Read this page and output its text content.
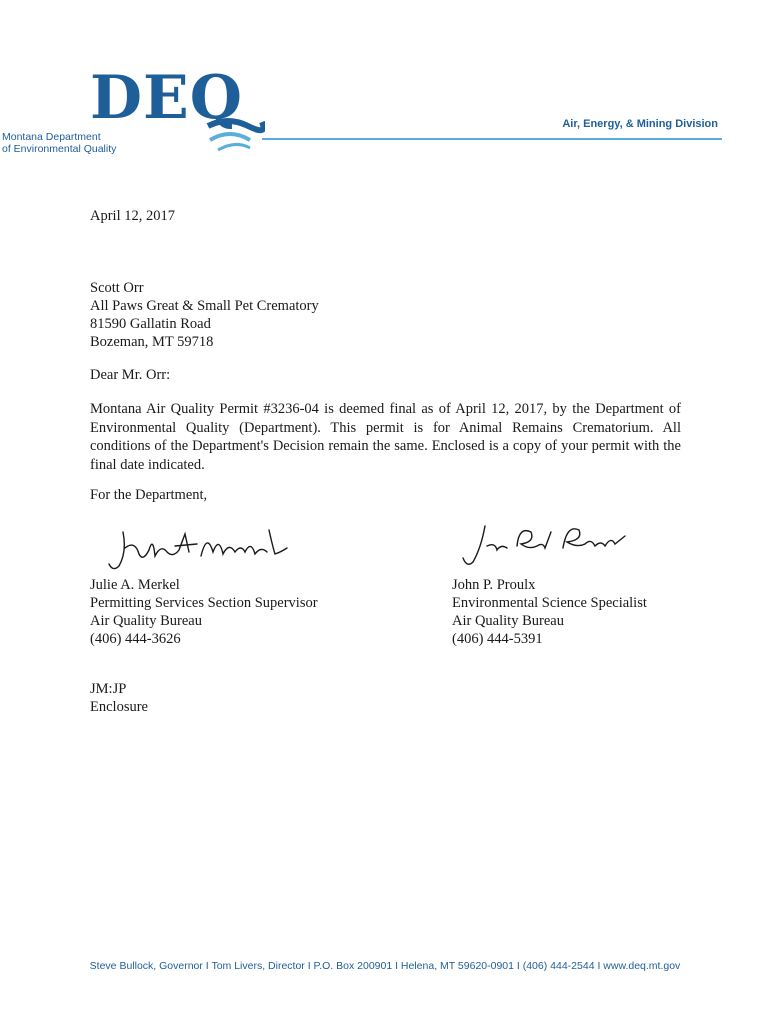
DEQ
Montana Department
of Environmental Quality
Air, Energy, & Mining Division
April 12, 2017
Scott Orr
All Paws Great & Small Pet Crematory
81590 Gallatin Road
Bozeman, MT 59718
Dear Mr. Orr:
Montana Air Quality Permit #3236-04 is deemed final as of April 12, 2017, by the Department of Environmental Quality (Department). This permit is for Animal Remains Crematorium. All conditions of the Department's Decision remain the same. Enclosed is a copy of your permit with the final date indicated.
For the Department,
Julie A. Merkel
Permitting Services Section Supervisor
Air Quality Bureau
(406) 444-3626
John P. Proulx
Environmental Science Specialist
Air Quality Bureau
(406) 444-5391
JM:JP
Enclosure
Steve Bullock, Governor I Tom Livers, Director I P.O. Box 200901 I Helena, MT 59620-0901 I (406) 444-2544 I www.deq.mt.gov
